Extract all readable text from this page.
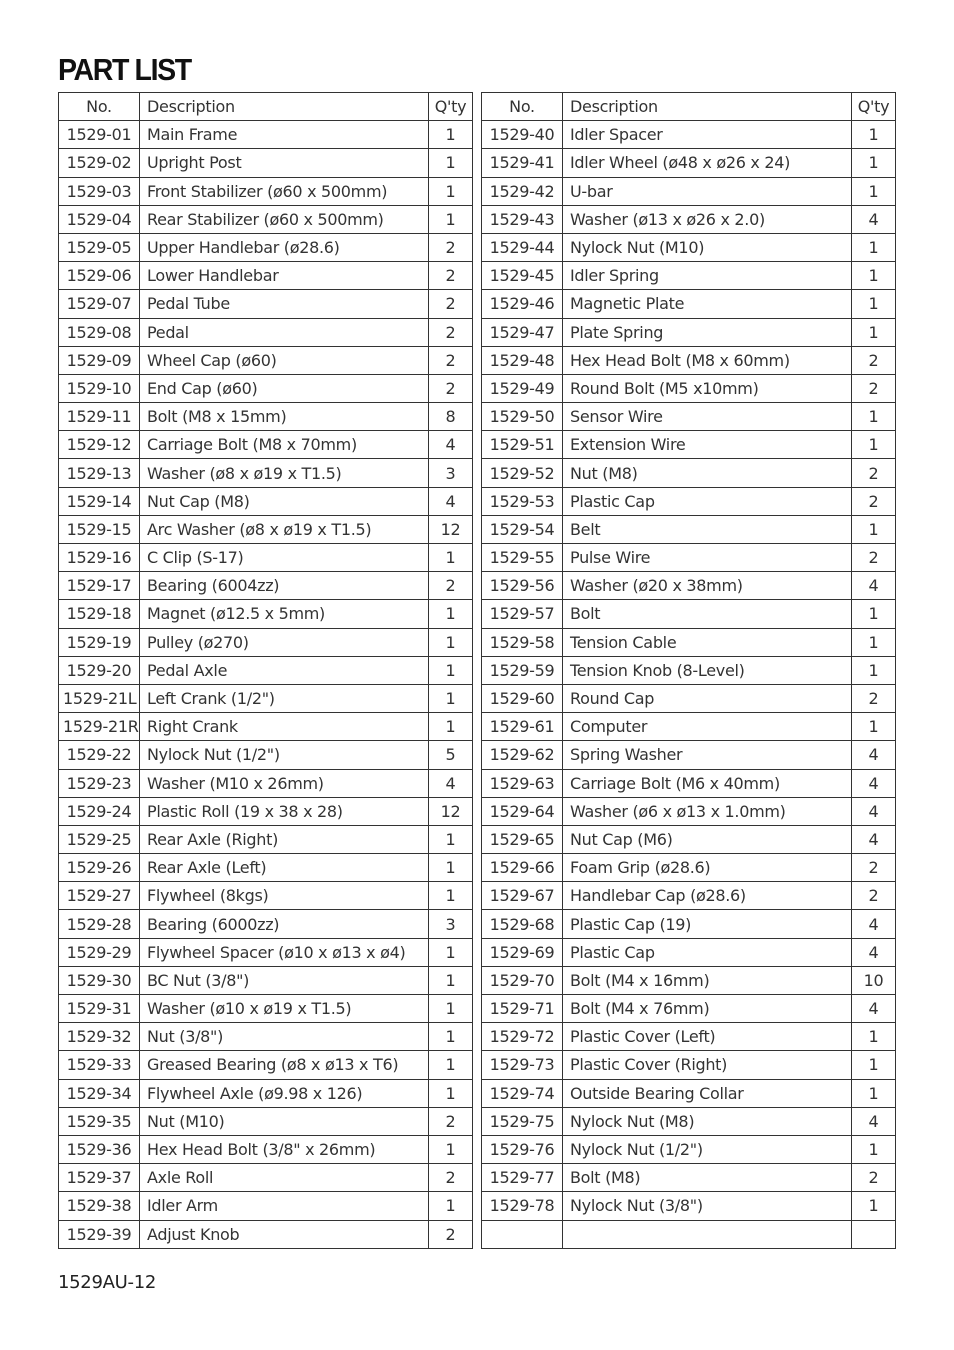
PART LIST
No.	Description	Q'ty
1529-01	Main Frame	1
1529-02	Upright Post	1
1529-03	Front Stabilizer (ø60 x 500mm)	1
1529-04	Rear Stabilizer (ø60 x 500mm)	1
1529-05	Upper Handlebar (ø28.6)	2
1529-06	Lower Handlebar	2
1529-07	Pedal Tube	2
1529-08	Pedal	2
1529-09	Wheel Cap (ø60)	2
1529-10	End Cap (ø60)	2
1529-11	Bolt (M8 x 15mm)	8
1529-12	Carriage Bolt (M8 x 70mm)	4
1529-13	Washer (ø8 x ø19 x T1.5)	3
1529-14	Nut Cap (M8)	4
1529-15	Arc Washer (ø8 x ø19 x T1.5)	12
1529-16	C Clip (S-17)	1
1529-17	Bearing (6004zz)	2
1529-18	Magnet (ø12.5 x 5mm)	1
1529-19	Pulley (ø270)	1
1529-20	Pedal Axle	1
1529-21L	Left Crank (1/2")	1
1529-21R	Right Crank	1
1529-22	Nylock Nut (1/2")	5
1529-23	Washer (M10 x 26mm)	4
1529-24	Plastic Roll (19 x 38 x 28)	12
1529-25	Rear Axle (Right)	1
1529-26	Rear Axle (Left)	1
1529-27	Flywheel (8kgs)	1
1529-28	Bearing (6000zz)	3
1529-29	Flywheel Spacer (ø10 x ø13 x ø4)	1
1529-30	BC Nut (3/8")	1
1529-31	Washer (ø10 x ø19 x T1.5)	1
1529-32	Nut (3/8")	1
1529-33	Greased Bearing (ø8 x ø13 x T6)	1
1529-34	Flywheel Axle (ø9.98 x 126)	1
1529-35	Nut (M10)	2
1529-36	Hex Head Bolt (3/8" x 26mm)	1
1529-37	Axle Roll	2
1529-38	Idler Arm	1
1529-39	Adjust Knob	2
No.	Description	Q'ty
1529-40	Idler Spacer	1
1529-41	Idler Wheel (ø48 x ø26 x 24)	1
1529-42	U-bar	1
1529-43	Washer (ø13 x ø26 x 2.0)	4
1529-44	Nylock Nut (M10)	1
1529-45	Idler Spring	1
1529-46	Magnetic Plate	1
1529-47	Plate Spring	1
1529-48	Hex Head Bolt (M8 x 60mm)	2
1529-49	Round Bolt (M5 x10mm)	2
1529-50	Sensor Wire	1
1529-51	Extension Wire	1
1529-52	Nut (M8)	2
1529-53	Plastic Cap	2
1529-54	Belt	1
1529-55	Pulse Wire	2
1529-56	Washer (ø20 x 38mm)	4
1529-57	Bolt	1
1529-58	Tension Cable	1
1529-59	Tension Knob (8-Level)	1
1529-60	Round Cap	2
1529-61	Computer	1
1529-62	Spring Washer	4
1529-63	Carriage Bolt (M6 x 40mm)	4
1529-64	Washer (ø6 x ø13 x 1.0mm)	4
1529-65	Nut Cap (M6)	4
1529-66	Foam Grip (ø28.6)	2
1529-67	Handlebar Cap (ø28.6)	2
1529-68	Plastic Cap (19)	4
1529-69	Plastic Cap	4
1529-70	Bolt (M4 x 16mm)	10
1529-71	Bolt (M4 x 76mm)	4
1529-72	Plastic Cover (Left)	1
1529-73	Plastic Cover (Right)	1
1529-74	Outside Bearing Collar	1
1529-75	Nylock Nut (M8)	4
1529-76	Nylock Nut (1/2")	1
1529-77	Bolt (M8)	2
1529-78	Nylock Nut (3/8")	1

1529AU-12
